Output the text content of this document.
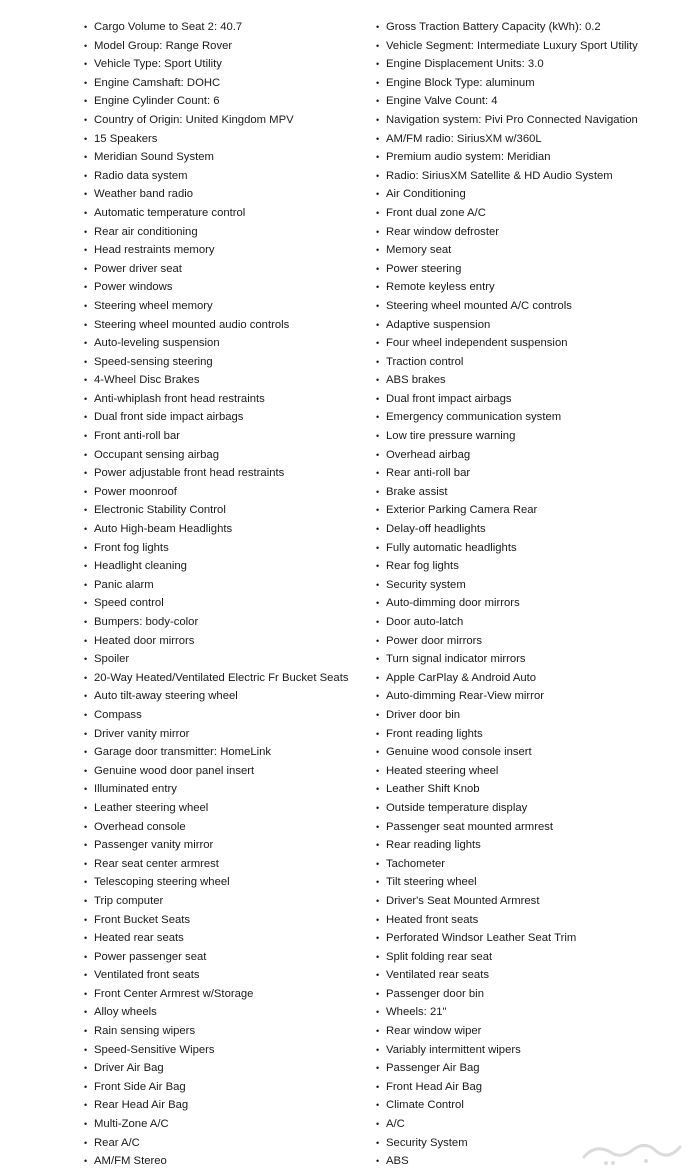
• Cargo Volume to Seat 2: 40.7
• Model Group: Range Rover
• Vehicle Type: Sport Utility
• Engine Camshaft: DOHC
• Engine Cylinder Count: 6
• Country of Origin: United Kingdom MPV
• 15 Speakers
• Meridian Sound System
• Radio data system
• Weather band radio
• Automatic temperature control
• Rear air conditioning
• Head restraints memory
• Power driver seat
• Power windows
• Steering wheel memory
• Steering wheel mounted audio controls
• Auto-leveling suspension
• Speed-sensing steering
• 4-Wheel Disc Brakes
• Anti-whiplash front head restraints
• Dual front side impact airbags
• Front anti-roll bar
• Occupant sensing airbag
• Power adjustable front head restraints
• Power moonroof
• Electronic Stability Control
• Auto High-beam Headlights
• Front fog lights
• Headlight cleaning
• Panic alarm
• Speed control
• Bumpers: body-color
• Heated door mirrors
• Spoiler
• 20-Way Heated/Ventilated Electric Fr Bucket Seats
• Auto tilt-away steering wheel
• Compass
• Driver vanity mirror
• Garage door transmitter: HomeLink
• Genuine wood door panel insert
• Illuminated entry
• Leather steering wheel
• Overhead console
• Passenger vanity mirror
• Rear seat center armrest
• Telescoping steering wheel
• Trip computer
• Front Bucket Seats
• Heated rear seats
• Power passenger seat
• Ventilated front seats
• Front Center Armrest w/Storage
• Alloy wheels
• Rain sensing wipers
• Speed-Sensitive Wipers
• Driver Air Bag
• Front Side Air Bag
• Rear Head Air Bag
• Multi-Zone A/C
• Rear A/C
• AM/FM Stereo
• Gross Traction Battery Capacity (kWh): 0.2
• Vehicle Segment: Intermediate Luxury Sport Utility
• Engine Displacement Units: 3.0
• Engine Block Type: aluminum
• Engine Valve Count: 4
• Navigation system: Pivi Pro Connected Navigation
• AM/FM radio: SiriusXM w/360L
• Premium audio system: Meridian
• Radio: SiriusXM Satellite & HD Audio System
• Air Conditioning
• Front dual zone A/C
• Rear window defroster
• Memory seat
• Power steering
• Remote keyless entry
• Steering wheel mounted A/C controls
• Adaptive suspension
• Four wheel independent suspension
• Traction control
• ABS brakes
• Dual front impact airbags
• Emergency communication system
• Low tire pressure warning
• Overhead airbag
• Rear anti-roll bar
• Brake assist
• Exterior Parking Camera Rear
• Delay-off headlights
• Fully automatic headlights
• Rear fog lights
• Security system
• Auto-dimming door mirrors
• Door auto-latch
• Power door mirrors
• Turn signal indicator mirrors
• Apple CarPlay & Android Auto
• Auto-dimming Rear-View mirror
• Driver door bin
• Front reading lights
• Genuine wood console insert
• Heated steering wheel
• Leather Shift Knob
• Outside temperature display
• Passenger seat mounted armrest
• Rear reading lights
• Tachometer
• Tilt steering wheel
• Driver's Seat Mounted Armrest
• Heated front seats
• Perforated Windsor Leather Seat Trim
• Split folding rear seat
• Ventilated rear seats
• Passenger door bin
• Wheels: 21"
• Rear window wiper
• Variably intermittent wipers
• Passenger Air Bag
• Front Head Air Bag
• Climate Control
• A/C
• Security System
• ABS
